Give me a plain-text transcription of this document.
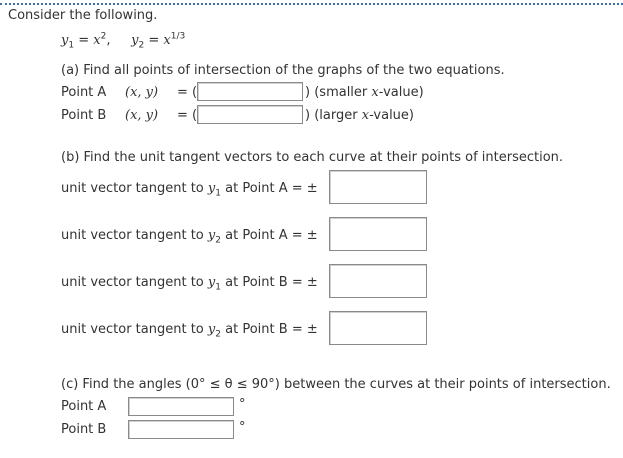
Consider the following.
$y_1 = x^2$,     $y_2 = x^{1/3}$
(a) Find all points of intersection of the graphs of the two equations.
Point A (x, y) = (	) (smaller x-value)
Point B (x, y) = (	) (larger x-value)
(b) Find the unit tangent vectors to each curve at their points of intersection.
unit vector tangent to $y_1$ at Point A = ±
unit vector tangent to $y_2$ at Point A = ±
unit vector tangent to $y_1$ at Point B = ±
unit vector tangent to $y_2$ at Point B = ±
(c) Find the angles (0° ≤ θ ≤ 90°) between the curves at their points of intersection.
Point A	°
Point B	°
